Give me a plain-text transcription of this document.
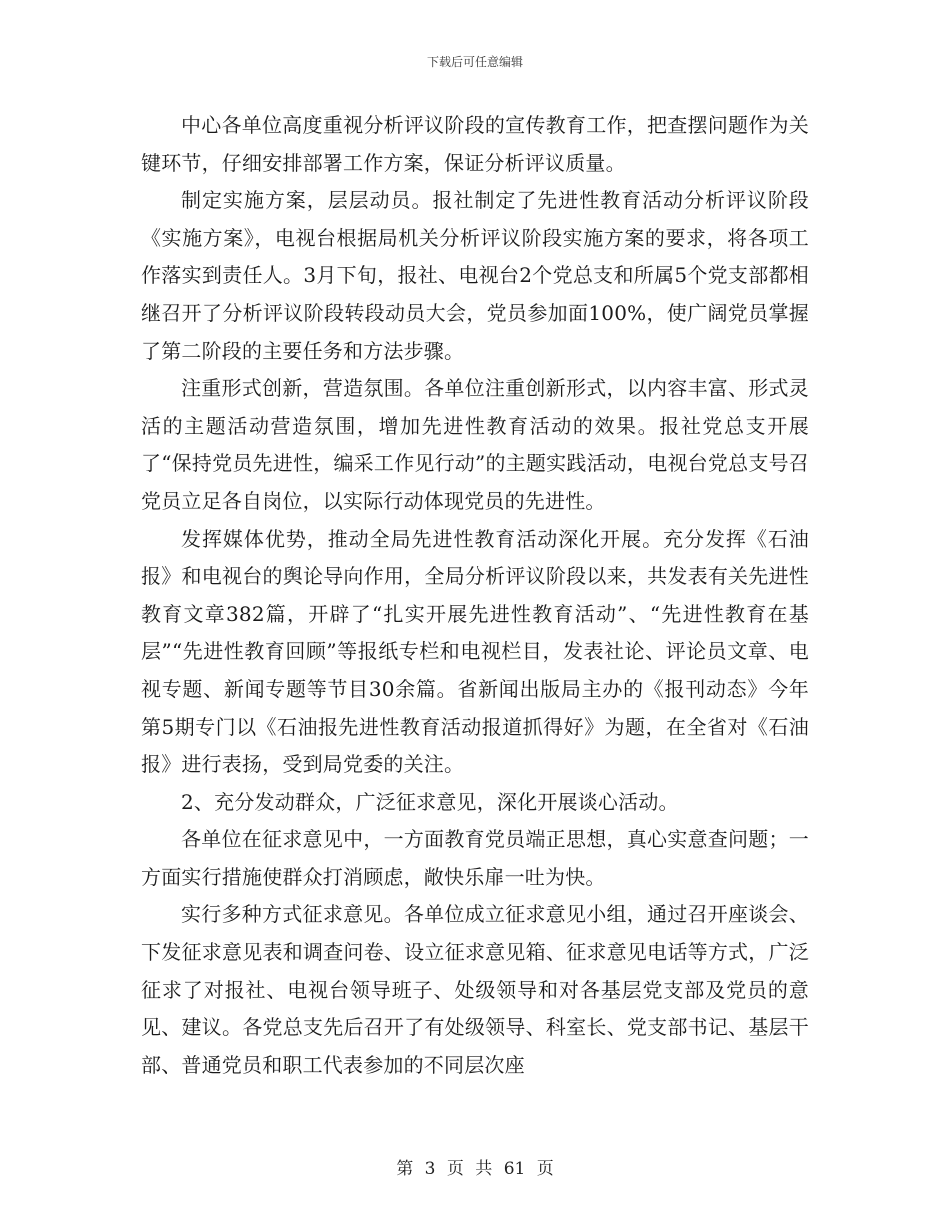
下载后可任意编辑

中心各单位高度重视分析评议阶段的宣传教育工作，把查摆问题作为关键环节，仔细安排部署工作方案，保证分析评议质量。

制定实施方案，层层动员。报社制定了先进性教育活动分析评议阶段《实施方案》，电视台根据局机关分析评议阶段实施方案的要求，将各项工作落实到责任人。3月下旬，报社、电视台2个党总支和所属5个党支部都相继召开了分析评议阶段转段动员大会，党员参加面100%，使广阔党员掌握了第二阶段的主要任务和方法步骤。

注重形式创新，营造氛围。各单位注重创新形式，以内容丰富、形式灵活的主题活动营造氛围，增加先进性教育活动的效果。报社党总支开展了“保持党员先进性，编采工作见行动”的主题实践活动，电视台党总支号召党员立足各自岗位，以实际行动体现党员的先进性。

发挥媒体优势，推动全局先进性教育活动深化开展。充分发挥《石油报》和电视台的舆论导向作用，全局分析评议阶段以来，共发表有关先进性教育文章382篇，开辟了“扎实开展先进性教育活动”、“先进性教育在基层”“先进性教育回顾”等报纸专栏和电视栏目，发表社论、评论员文章、电视专题、新闻专题等节目30余篇。省新闻出版局主办的《报刊动态》今年第5期专门以《石油报先进性教育活动报道抓得好》为题，在全省对《石油报》进行表扬，受到局党委的关注。

2、充分发动群众，广泛征求意见，深化开展谈心活动。

各单位在征求意见中，一方面教育党员端正思想，真心实意查问题；一方面实行措施使群众打消顾虑，敞快乐扉一吐为快。

实行多种方式征求意见。各单位成立征求意见小组，通过召开座谈会、下发征求意见表和调查问卷、设立征求意见箱、征求意见电话等方式，广泛征求了对报社、电视台领导班子、处级领导和对各基层党支部及党员的意见、建议。各党总支先后召开了有处级领导、科室长、党支部书记、基层干部、普通党员和职工代表参加的不同层次座

第 3 页 共 61 页
